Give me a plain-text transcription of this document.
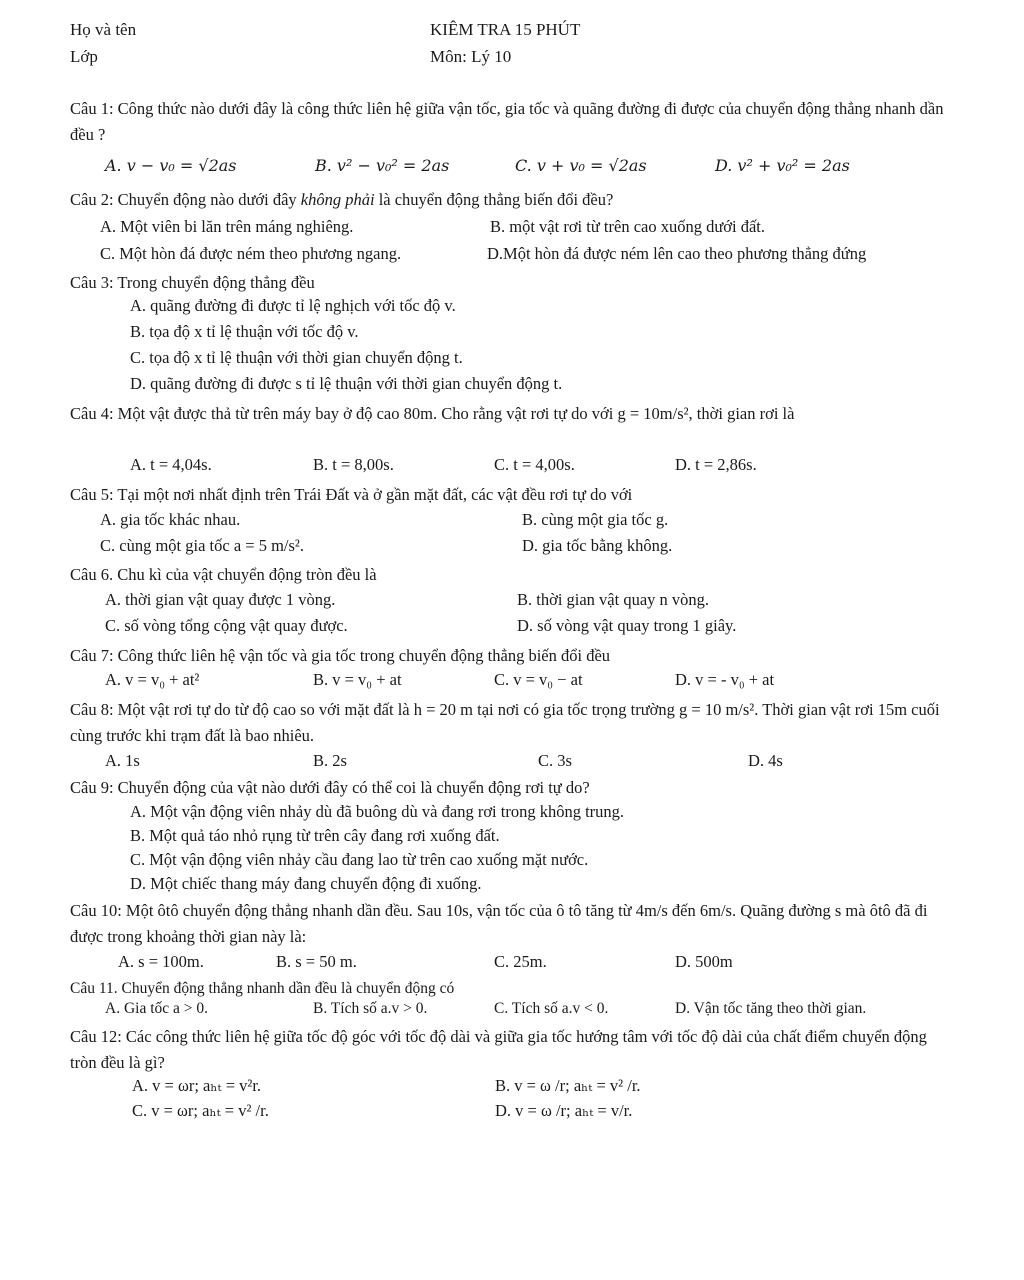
Họ và tên
Lớp
KIÊM TRA 15 PHÚT
Môn: Lý 10
Câu 1: Công thức nào dưới đây là công thức liên hệ giữa vận tốc, gia tốc và quãng đường đi được của chuyển động thẳng nhanh dần đều ?
A. v − v₀ = √2as	B. v² − v₀² = 2as	C. v + v₀ = √2as	D. v² + v₀² = 2as
Câu 2: Chuyển động nào dưới đây không phải là chuyển động thẳng biến đổi đều?
A. Một viên bi lăn trên máng nghiêng.	B. một vật rơi từ trên cao xuống dưới đất.
C. Một hòn đá được ném theo phương ngang.	D.Một hòn đá được ném lên cao theo phương thẳng đứng
Câu 3: Trong chuyển động thẳng đều
A. quãng đường đi được tỉ lệ nghịch với tốc độ v.
B. tọa độ x tỉ lệ thuận với tốc độ v.
C. tọa độ x tỉ lệ thuận với thời gian chuyển động t.
D. quãng đường đi được s tỉ lệ thuận với thời gian chuyển động t.
Câu 4: Một vật được thả từ trên máy bay ở độ cao 80m. Cho rằng vật rơi tự do với g = 10m/s², thời gian rơi là
A. t = 4,04s.	B. t = 8,00s.	C. t = 4,00s.	D. t = 2,86s.
Câu 5: Tại một nơi nhất định trên Trái Đất và ở gần mặt đất, các vật đều rơi tự do với
A. gia tốc khác nhau.	B. cùng một gia tốc g.
C. cùng một gia tốc a = 5 m/s².	D. gia tốc bằng không.
Câu 6. Chu kì của vật chuyển động tròn đều là
A. thời gian vật quay được 1 vòng.	B. thời gian vật quay n vòng.
C. số vòng tổng cộng vật quay được.	D. số vòng vật quay trong 1 giây.
Câu 7: Công thức liên hệ vận tốc và gia tốc trong chuyển động thẳng biến đổi đều
A. v = v₀ + at²	B. v = v₀ + at	C. v = v₀ − at	D. v = - v₀ + at
Câu 8: Một vật rơi tự do từ độ cao so với mặt đất là h = 20 m tại nơi có gia tốc trọng trường g = 10 m/s². Thời gian vật rơi 15m cuối cùng trước khi trạm đất là bao nhiêu.
A. 1s	B. 2s	C. 3s	D. 4s
Câu 9: Chuyển động của vật nào dưới đây có thể coi là chuyển động rơi tự do?
A. Một vận động viên nhảy dù đã buông dù và đang rơi trong không trung.
B. Một quả táo nhỏ rụng từ trên cây đang rơi xuống đất.
C. Một vận động viên nhảy cầu đang lao từ trên cao xuống mặt nước.
D. Một chiếc thang máy đang chuyển động đi xuống.
Câu 10: Một ôtô chuyển động thẳng nhanh dần đều. Sau 10s, vận tốc của ô tô tăng từ 4m/s đến 6m/s. Quãng đường s mà ôtô đã đi được trong khoảng thời gian này là:
A. s = 100m.	B. s = 50 m.	C. 25m.	D. 500m
Câu 11. Chuyển động thẳng nhanh dần đều là chuyển động có
A. Gia tốc a > 0.	B. Tích số a.v > 0.	C. Tích số a.v < 0.	D. Vận tốc tăng theo thời gian.
Câu 12: Các công thức liên hệ giữa tốc độ góc với tốc độ dài và giữa gia tốc hướng tâm với tốc độ dài của chất điểm chuyển động tròn đều là gì?
A. v = ωr; aₕₜ = v²r.	B. v = ω /r; aₕₜ = v² /r.
C. v = ωr; aₕₜ = v² /r.	D. v = ω /r; aₕₜ = v/r.
